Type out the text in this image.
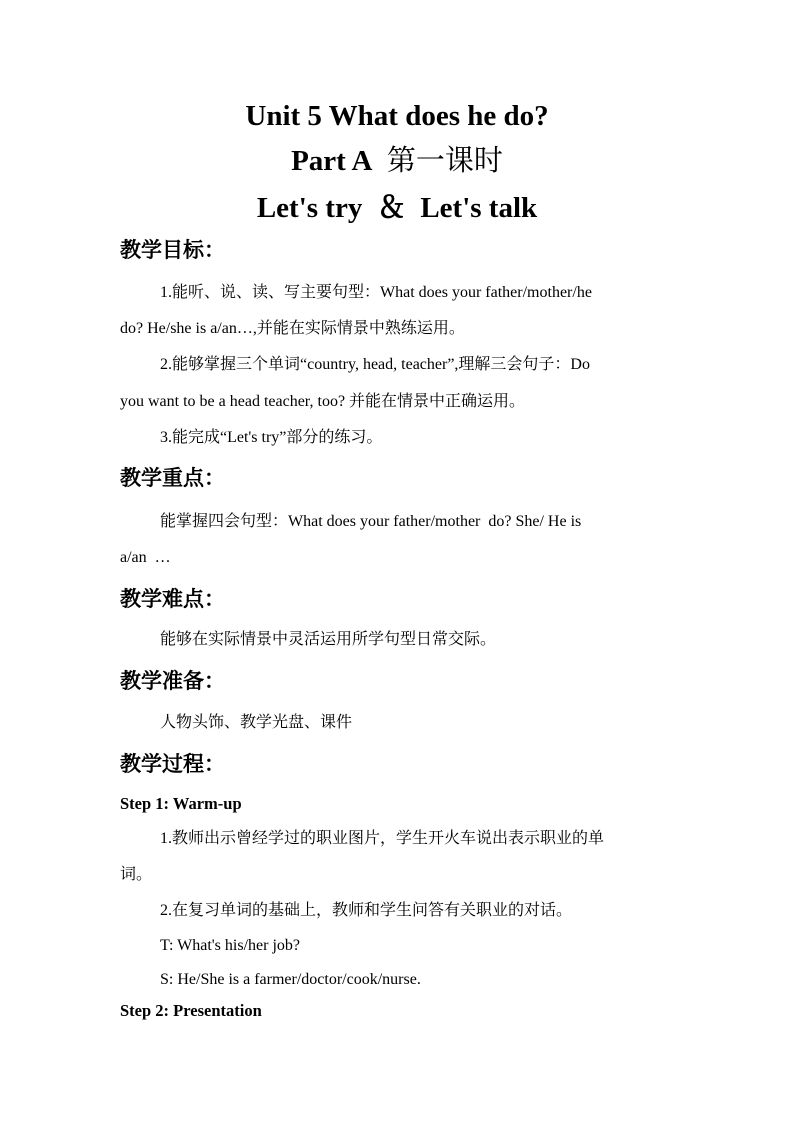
Unit 5 What does he do?
Part A 第一课时
Let's try  ＆  Let's talk
教学目标：
1.能听、说、读、写主要句型：What does your father/mother/he
do? He/she is a/an…,并能在实际情景中熟练运用。
2.能够掌握三个单词“country, head, teacher”,理解三会句子：Do
you want to be a head teacher, too? 并能在情景中正确运用。
3.能完成“Let's try”部分的练习。
教学重点：
能掌握四会句型：What does your father/mother  do? She/ He is
a/an  …
教学难点：
能够在实际情景中灵活运用所学句型日常交际。
教学准备：
人物头饰、教学光盘、课件
教学过程：
Step 1: Warm-up
1.教师出示曾经学过的职业图片，学生开火车说出表示职业的单
词。
2.在复习单词的基础上，教师和学生问答有关职业的对话。
T: What's his/her job?
S: He/She is a farmer/doctor/cook/nurse.
Step 2: Presentation
